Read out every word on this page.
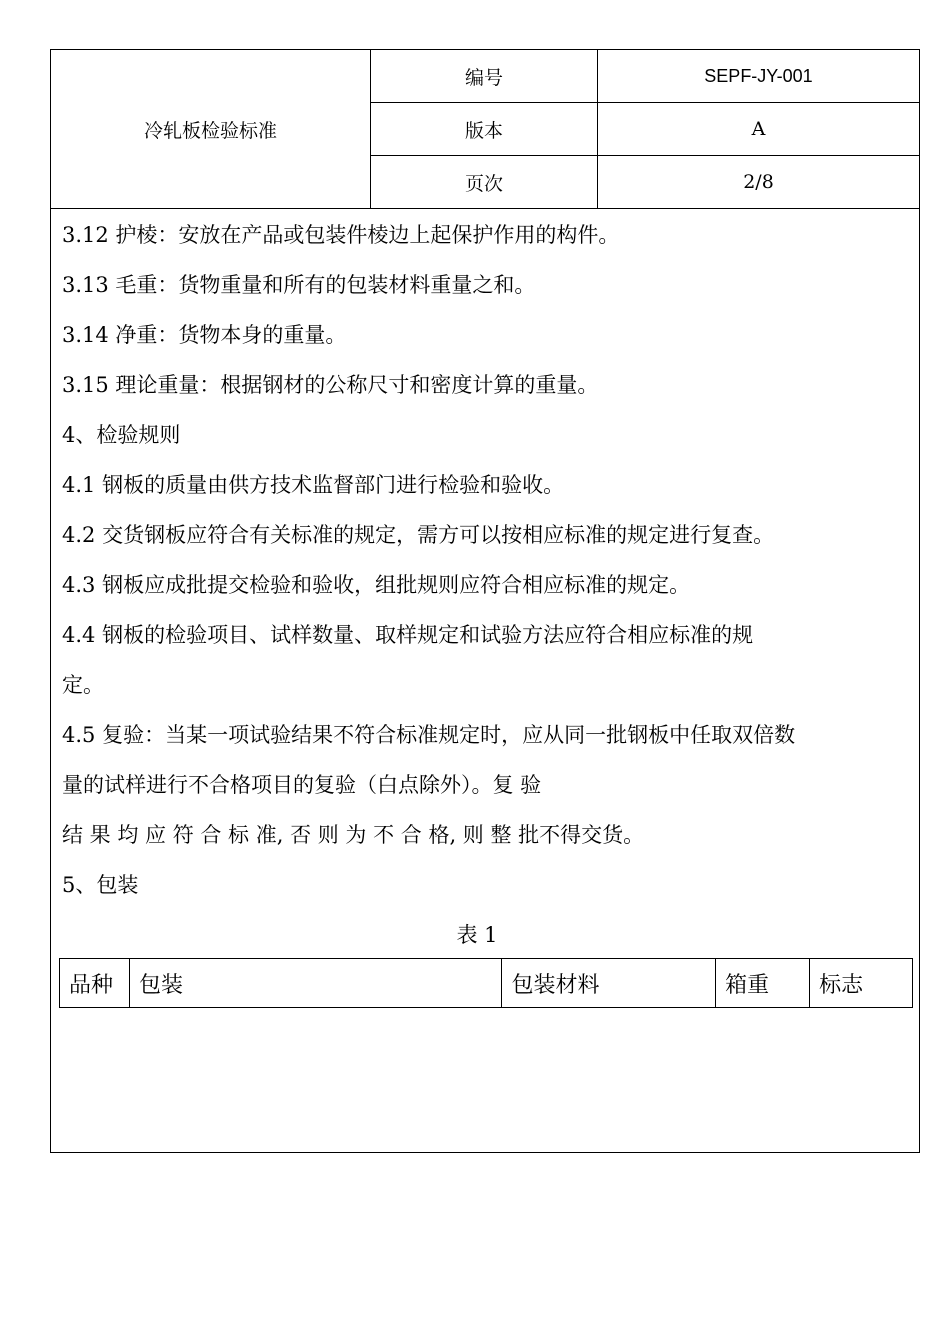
冷轧板检验标准
编号	SEPF-JY-001
版本	A
页次	2/8
3.12 护棱：安放在产品或包装件棱边上起保护作用的构件。
3.13 毛重：货物重量和所有的包装材料重量之和。
3.14 净重：货物本身的重量。
3.15 理论重量：根据钢材的公称尺寸和密度计算的重量。
4、检验规则
4.1 钢板的质量由供方技术监督部门进行检验和验收。
4.2 交货钢板应符合有关标准的规定，需方可以按相应标准的规定进行复查。
4.3 钢板应成批提交检验和验收，组批规则应符合相应标准的规定。
4.4 钢板的检验项目、试样数量、取样规定和试验方法应符合相应标准的规
定。
4.5 复验：当某一项试验结果不符合标准规定时，应从同一批钢板中任取双倍数
量的试样进行不合格项目的复验（白点除外）。复 验
结 果 均 应 符 合 标 准, 否 则 为 不 合 格, 则 整 批不得交货。
5、包装
表 1
品种	包装	包装材料	箱重	标志
